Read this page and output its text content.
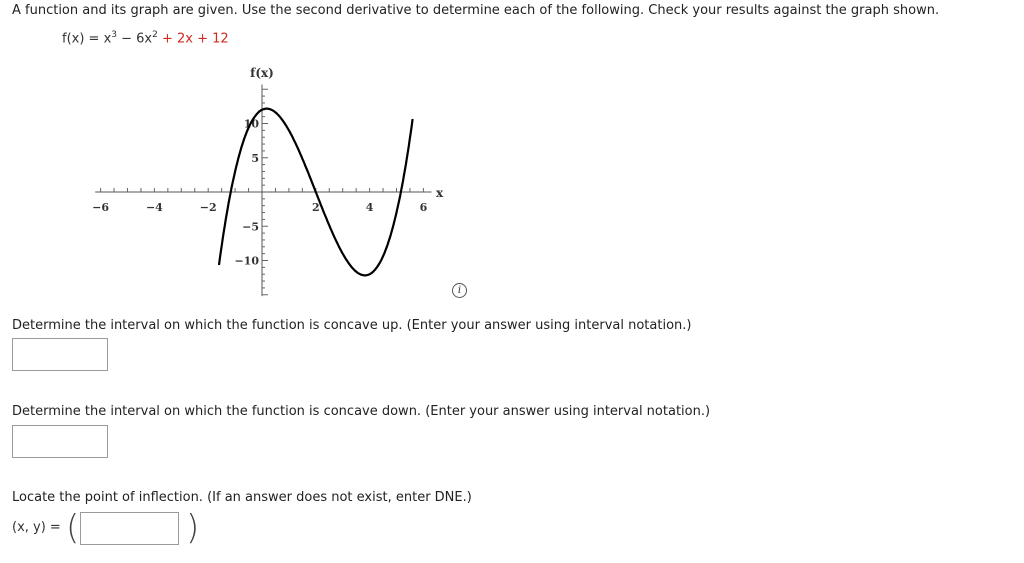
A function and its graph are given. Use the second derivative to determine each of the following. Check your results against the graph shown.
$f(x) = x^3 - 6x^2 + 2x + 12$
−6	−4	−2	2	4	6
10
5
−5
−10
f(x)
x
i
Determine the interval on which the function is concave up. (Enter your answer using interval notation.)
Determine the interval on which the function is concave down. (Enter your answer using interval notation.)
Locate the point of inflection. (If an answer does not exist, enter DNE.)
(x, y) = (	)
